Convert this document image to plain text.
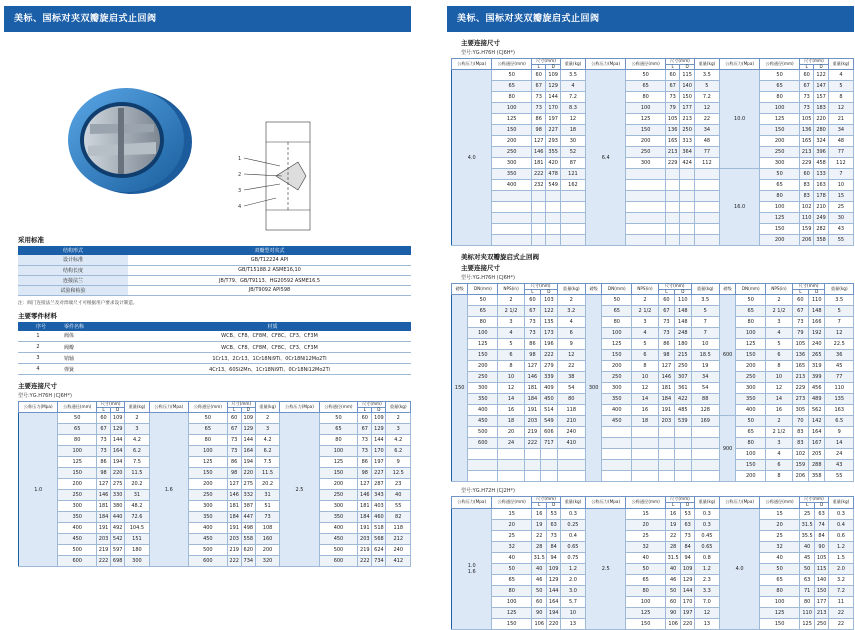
美标、国标对夹双瓣旋启式止回阀
1
2
3
4
采用标准
结构形式	双瓣型对夹式
设计标准	GB/T12224 API
结构长度	GB/T15188.2 ASME16,10
连接法兰	JB/T79、GB/T9113、HG20592 ASME16.5
试验和检验	JB/T9092 API598
注：阀门连接法兰及对焊端尺寸可根据用户要求设计制造。
主要零件材料
序号	零件名称	材质
1	阀体	WCB、CF8、CF8M、CF8C、CF3、CF3M
2	阀瓣	WCB、CF8、CF8M、CF8C、CF3、CF3M
3	销轴	1Cr13、2Cr13、1Cr18Ni9Ti、0Cr18Ni12Mo2Ti
4	弹簧	4Cr13、60Si2Mn、1Cr18Ni9Ti、0Cr18Ni12Mo2Ti
主要连接尺寸
型号:YG.H76H (CJ6H*)
公称压力(Mpa)	公称通径(mm)	尺寸(mm)		重量(kg)	公称压力(Mpa)	公称通径(mm)	尺寸(mm)		重量(kg)	公称压力(Mpa)	公称通径(mm)	尺寸(mm)		重量(kg)
		L	D				L	D				L	D	
1.0	50	60	109	2	1.6	50	60	109	2	2.5	50	60	109	2
	65	67	129	3		65	67	129	3		65	67	129	3
	80	73	144	4.2		80	73	144	4.2		80	73	144	4.2
	100	73	164	6.2		100	73	164	6.2		100	73	170	6.2
	125	86	194	7.5		125	86	194	7.5		125	86	197	9
	150	98	220	11.5		150	98	220	11.5		150	98	227	12.5
	200	127	275	20.2		200	127	275	20.2		200	127	287	23
	250	146	330	31		250	146	332	31		250	146	343	40
	300	181	380	48.2		300	181	387	51		300	181	403	55
	350	184	440	72.6		350	184	447	73		350	184	460	82
	400	191	492	104.5		400	191	498	108		400	191	518	118
	450	203	542	151		450	203	558	160		450	203	568	212
	500	219	597	180		500	219	620	200		500	219	624	240
	600	222	698	300		600	222	734	320		600	222	734	412
美标、国标对夹双瓣旋启式止回阀
主要连接尺寸
型号:YG.H76H (CJ6H*)
公称压力(Mpa)	公称通径(mm)	尺寸(mm)		重量(kg)	公称压力(Mpa)	公称通径(mm)	尺寸(mm)		重量(kg)	公称压力(Mpa)	公称通径(mm)	尺寸(mm)		重量(kg)
		L	D				L	D				L	D	
4.0	50	60	109	3.5	6.4	50	60	115	3.5	10.0	50	60	122	4
	65	67	129	4		65	67	140	5		65	67	147	5
	80	73	144	7.2		80	73	150	7.2		80	73	157	8
	100	73	170	8.3		100	79	177	12		100	73	183	12
	125	86	197	12		125	105	213	22		125	105	220	21
	150	98	227	18		150	136	250	34		150	136	280	34
	200	127	293	30		200	165	313	48		200	165	324	48
	250	146	355	52		250	213	364	77		250	213	396	77
	300	181	420	87		300	229	424	112		300	229	458	112
	350	222	478	121						16.0	50	60	133	7
	400	232	549	162							65	83	163	10
											80	83	178	15
											100	102	210	25
											125	110	249	30
											150	159	282	43
											200	206	358	55
美标对夹双瓣旋启式止回阀
主要连接尺寸
型号:YG.H76H (CJ6H*)
磅级	DN(mm)	NPS(in)	尺寸(mm)		重量(kg)	磅级	DN(mm)	NPS(in)	尺寸(mm)		重量(kg)	磅级	DN(mm)	NPS(in)	尺寸(mm)		重量(kg)
			L	D					L	D					L	D	
150	50	2	60	103	2	300	50	2	60	110	3.5	600	50	2	60	110	3.5
	65	2 1/2	67	122	3.2		65	2 1/2	67	148	5		65	2 1/2	67	148	5
	80	3	73	135	4		80	3	73	148	7		80	3	73	166	7
	100	4	73	173	6		100	4	73	248	7		100	4	79	192	12
	125	5	86	196	9		125	5	86	180	10		125	5	105	240	22.5
	150	6	98	222	12		150	6	98	215	18.5		150	6	136	265	36
	200	8	127	279	22		200	8	127	250	19		200	8	165	319	45
	250	10	146	339	38		250	10	146	307	34		250	10	213	399	77
	300	12	181	409	54		300	12	181	361	54		300	12	229	456	110
	350	14	184	450	80		350	14	184	422	88		350	14	273	489	135
	400	16	191	514	118		400	16	191	485	128		400	16	305	562	163
	450	18	203	549	210		450	18	203	539	169	900	50	2	70	142	6.5
	500	20	219	606	240								65	2 1/2	83	164	9
	600	24	222	717	410								80	3	83	167	14
													100	4	102	205	24
													150	6	159	288	43
													200	8	206	358	55
型号:YG.H72H (CJ2H*)
公称压力(Mpa)	公称通径(mm)	尺寸(mm)		重量(kg)	公称压力(Mpa)	公称通径(mm)	尺寸(mm)		重量(kg)	公称压力(Mpa)	公称通径(mm)	尺寸(mm)		重量(kg)
		L	D				L	D				L	D	
1.0
1.6	15	16	53	0.3	2.5	15	16	53	0.3	4.0	15	25	63	0.3
	20	19	63	0.25		20	19	63	0.3		20	31.5	74	0.4
	25	22	73	0.4		25	22	73	0.45		25	35.5	84	0.6
	32	28	84	0.65		32	28	84	0.65		32	40	90	1.2
	40	31.5	94	0.75		40	31.5	94	0.8		40	45	105	1.5
	50	40	109	1.2		50	40	109	1.2		50	50	115	2.0
	65	46	129	2.0		65	46	129	2.3		65	63	140	3.2
	80	50	144	3.0		80	50	144	3.3		80	71	150	7.2
	100	60	164	5.7		100	60	170	7.0		100	80	177	11
	125	90	194	10		125	90	197	12		125	110	213	22
	150	106	220	13		150	106	220	13		150	125	250	22
